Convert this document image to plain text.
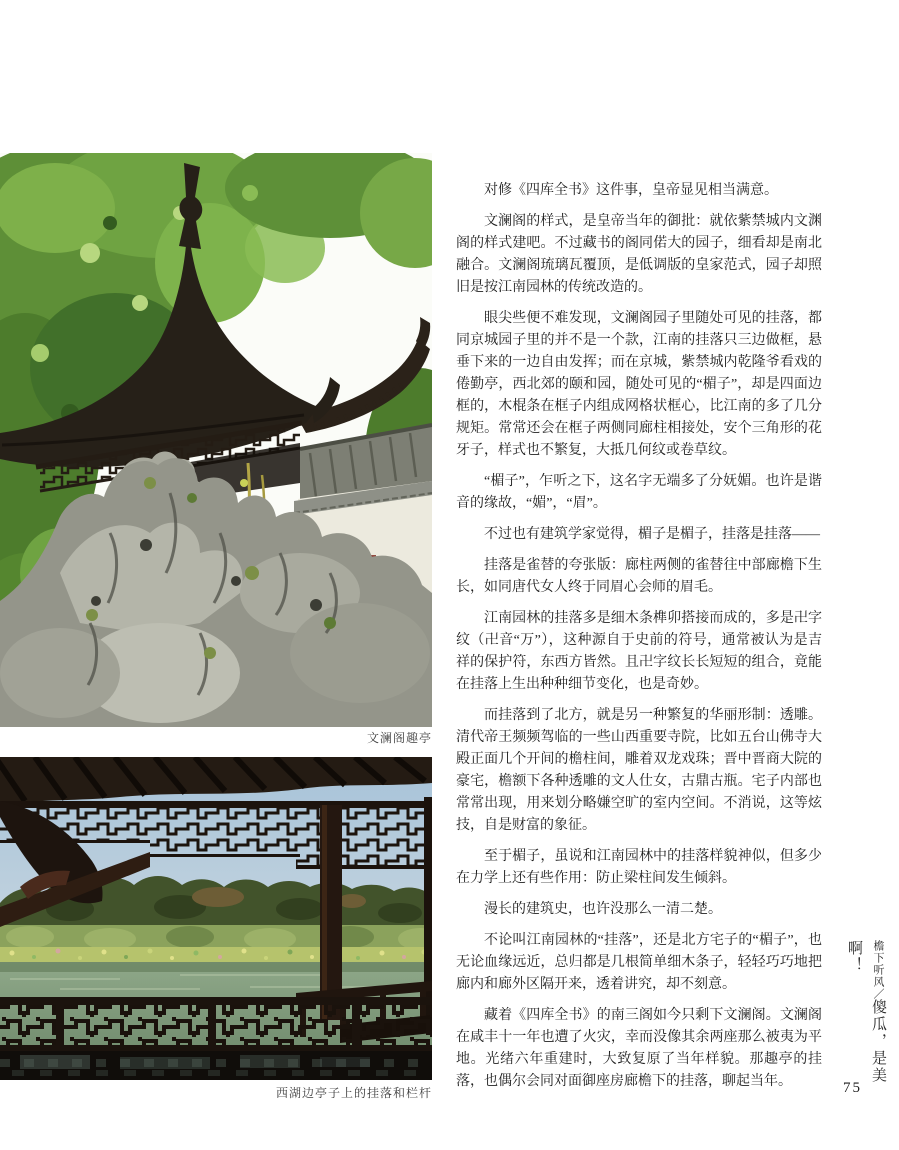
文澜阁趣亭
西湖边亭子上的挂落和栏杆

对修《四库全书》这件事，皇帝显见相当满意。

文澜阁的样式，是皇帝当年的御批：就依紫禁城内文渊阁的样式建吧。不过藏书的阁同偌大的园子，细看却是南北融合。文澜阁琉璃瓦覆顶，是低调版的皇家范式，园子却照旧是按江南园林的传统改造的。

眼尖些便不难发现，文澜阁园子里随处可见的挂落，都同京城园子里的并不是一个款，江南的挂落只三边做框，悬垂下来的一边自由发挥；而在京城，紫禁城内乾隆爷看戏的倦勤亭，西北郊的颐和园，随处可见的“楣子”，却是四面边框的，木棍条在框子内组成网格状框心，比江南的多了几分规矩。常常还会在框子两侧同廊柱相接处，安个三角形的花牙子，样式也不繁复，大抵几何纹或卷草纹。

“楣子”，乍听之下，这名字无端多了分妩媚。也许是谐音的缘故，“媚”，“眉”。

不过也有建筑学家觉得，楣子是楣子，挂落是挂落——

挂落是雀替的夸张版：廊柱两侧的雀替往中部廊檐下生长，如同唐代女人终于同眉心会师的眉毛。

江南园林的挂落多是细木条榫卯搭接而成的，多是卍字纹（卍音“万”），这种源自于史前的符号，通常被认为是吉祥的保护符，东西方皆然。且卍字纹长长短短的组合，竟能在挂落上生出种种细节变化，也是奇妙。

而挂落到了北方，就是另一种繁复的华丽形制：透雕。清代帝王频频驾临的一些山西重要寺院，比如五台山佛寺大殿正面几个开间的檐柱间，雕着双龙戏珠；晋中晋商大院的豪宅，檐额下各种透雕的文人仕女，古鼎古瓶。宅子内部也常常出现，用来划分略嫌空旷的室内空间。不消说，这等炫技，自是财富的象征。

至于楣子，虽说和江南园林中的挂落样貌神似，但多少在力学上还有些作用：防止梁柱间发生倾斜。

漫长的建筑史，也许没那么一清二楚。

不论叫江南园林的“挂落”，还是北方宅子的“楣子”，也无论血缘远近，总归都是几根简单细木条子，轻轻巧巧地把廊内和廊外区隔开来，透着讲究，却不刻意。

藏着《四库全书》的南三阁如今只剩下文澜阁。文澜阁在咸丰十一年也遭了火灾，幸而没像其余两座那么被夷为平地。光绪六年重建时，大致复原了当年样貌。那趣亭的挂落，也偶尔会同对面御座房廊檐下的挂落，聊起当年。

檐下听风／傻瓜，是美啊！
75
